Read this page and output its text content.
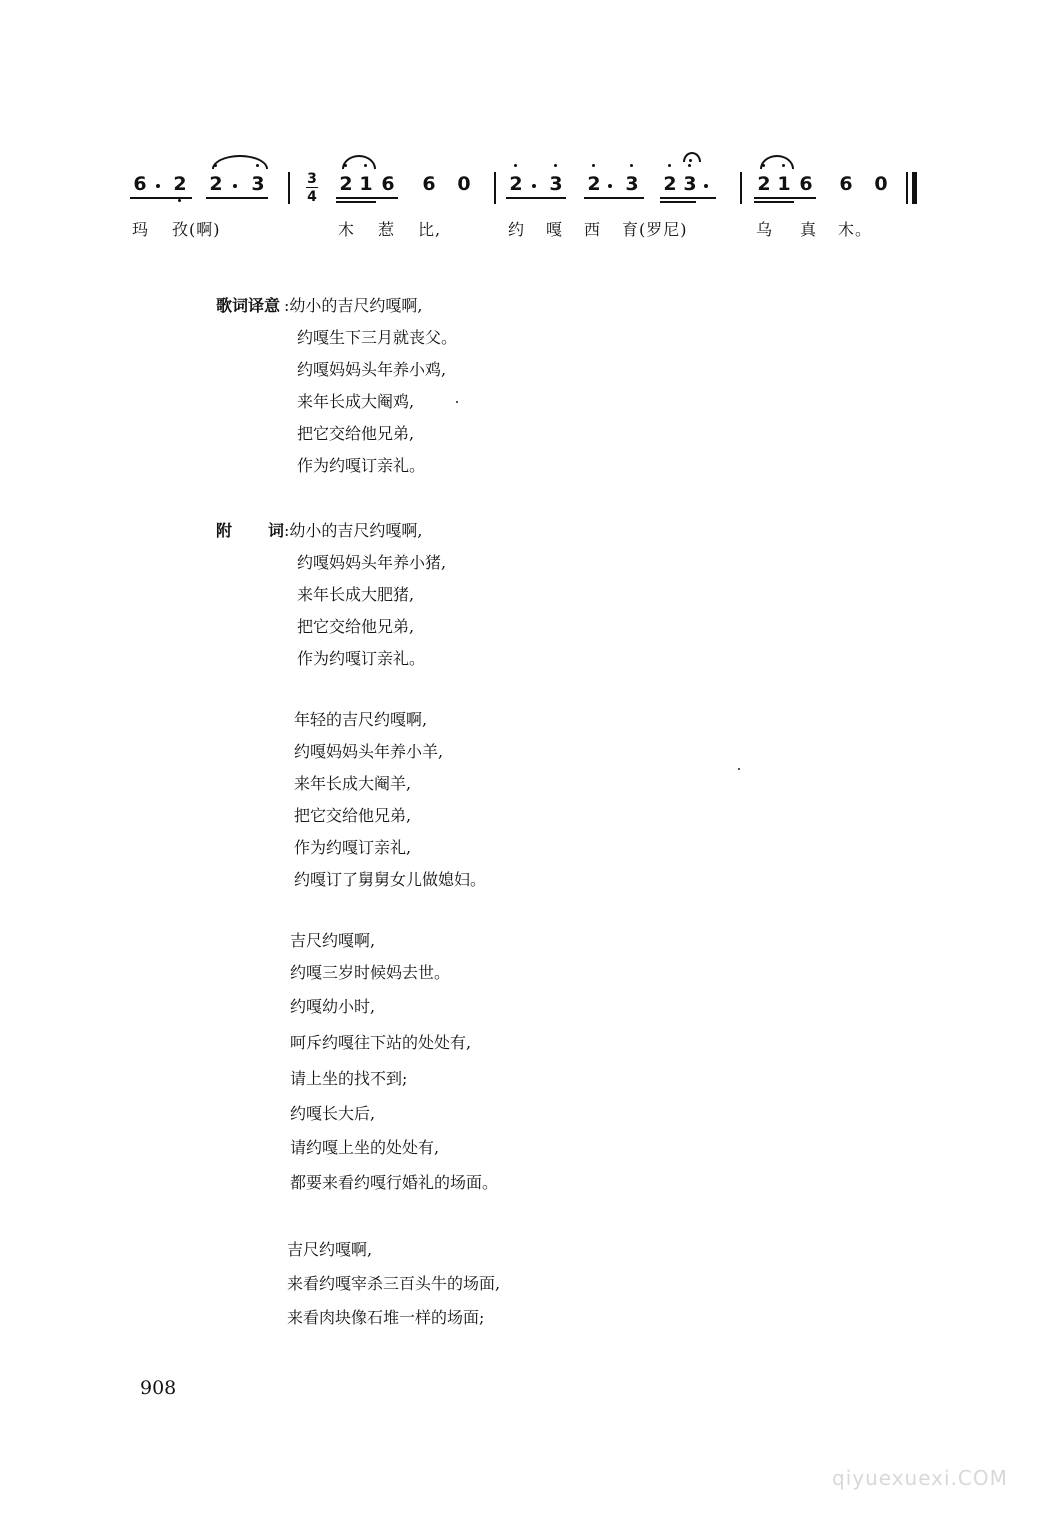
6 2 2 3	3
4
2 1 6 6 0 2 3 2 3 2 3	2 1 6 6 0
玛 孜(啊)	木 惹 比,	约 嘎 西 育(罗尼)	乌 真 木。
歌词译意 :幼小的吉尺约嘎啊,
约嘎生下三月就丧父。
约嘎妈妈头年养小鸡,
来年长成大阉鸡,
把它交给他兄弟,
作为约嘎订亲礼。
附 词 :幼小的吉尺约嘎啊,
约嘎妈妈头年养小猪,
来年长成大肥猪,
把它交给他兄弟,
作为约嘎订亲礼。
年轻的吉尺约嘎啊,
约嘎妈妈头年养小羊,
来年长成大阉羊,
把它交给他兄弟,
作为约嘎订亲礼,
约嘎订了舅舅女儿做媳妇。
吉尺约嘎啊,
约嘎三岁时候妈去世。
约嘎幼小时,
呵斥约嘎往下站的处处有,
请上坐的找不到;
约嘎长大后,
请约嘎上坐的处处有,
都要来看约嘎行婚礼的场面。
吉尺约嘎啊,
来看约嘎宰杀三百头牛的场面,
来看肉块像石堆一样的场面;
908
qiyuexuexi.COM
